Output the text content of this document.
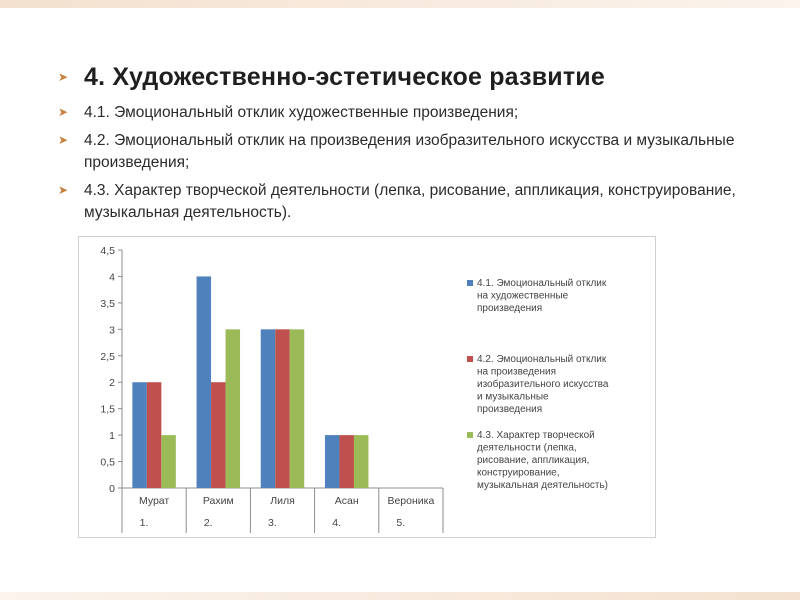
➤ 4. Художественно-эстетическое развитие
➤ 4.1. Эмоциональный отклик художественные произведения;
➤ 4.2. Эмоциональный отклик на произведения изобразительного искусства и музыкальные произведения;
➤ 4.3. Характер творческой деятельности (лепка, рисование, аппликация, конструирование, музыкальная деятельность).
0
0,5
1
1,5
2
2,5
3
3,5
4
4,5
Мурат
1.
Рахим
2.
Лиля
3.
Асан
4.
Вероника
5.
4.1. Эмоциональный отклик на художественные произведения
4.2. Эмоциональный отклик на произведения изобразительного искусства и музыкальные произведения
4.3. Характер творческой деятельности (лепка, рисование, аппликация, конструирование, музыкальная деятельность)
